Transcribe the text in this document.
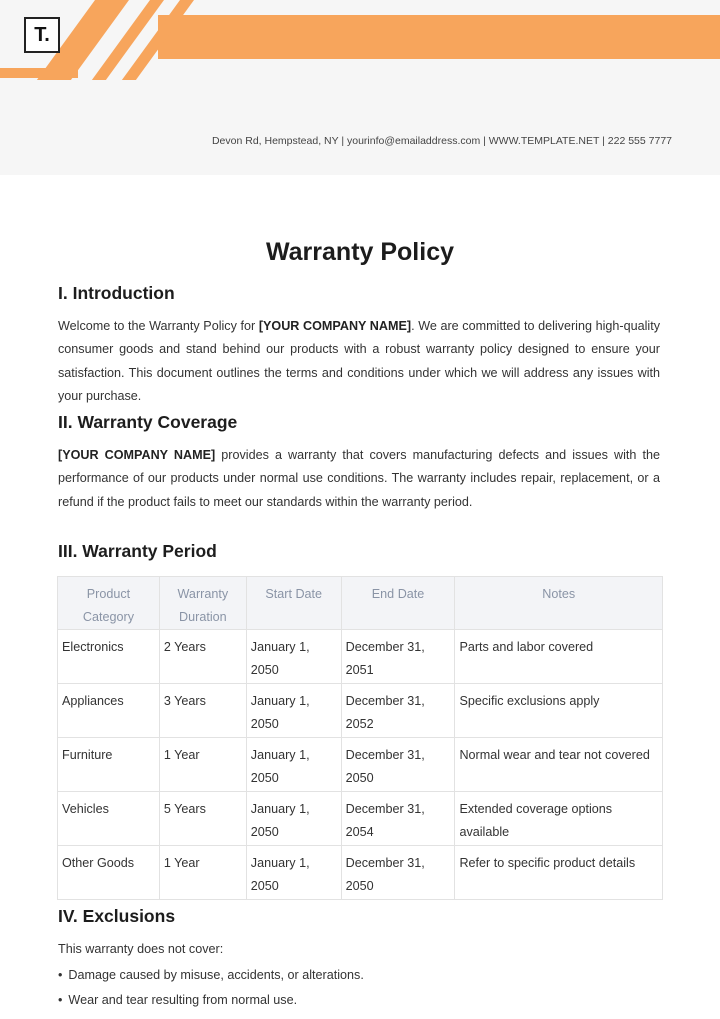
T.
Devon Rd, Hempstead, NY | yourinfo@emailaddress.com | WWW.TEMPLATE.NET | 222 555 7777
Warranty Policy
I. Introduction

Welcome to the Warranty Policy for [YOUR COMPANY NAME]. We are committed to delivering high-quality consumer goods and stand behind our products with a robust warranty policy designed to ensure your satisfaction. This document outlines the terms and conditions under which we will address any issues with your purchase.

II. Warranty Coverage

[YOUR COMPANY NAME] provides a warranty that covers manufacturing defects and issues with the performance of our products under normal use conditions. The warranty includes repair, replacement, or a refund if the product fails to meet our standards within the warranty period.

III. Warranty Period
Product Category	Warranty Duration	Start Date	End Date	Notes
Electronics	2 Years	January 1, 2050	December 31, 2051	Parts and labor covered
Appliances	3 Years	January 1, 2050	December 31, 2052	Specific exclusions apply
Furniture	1 Year	January 1, 2050	December 31, 2050	Normal wear and tear not covered
Vehicles	5 Years	January 1, 2050	December 31, 2054	Extended coverage options available
Other Goods	1 Year	January 1, 2050	December 31, 2050	Refer to specific product details
IV. Exclusions

This warranty does not cover:

• Damage caused by misuse, accidents, or alterations.
• Wear and tear resulting from normal use.
